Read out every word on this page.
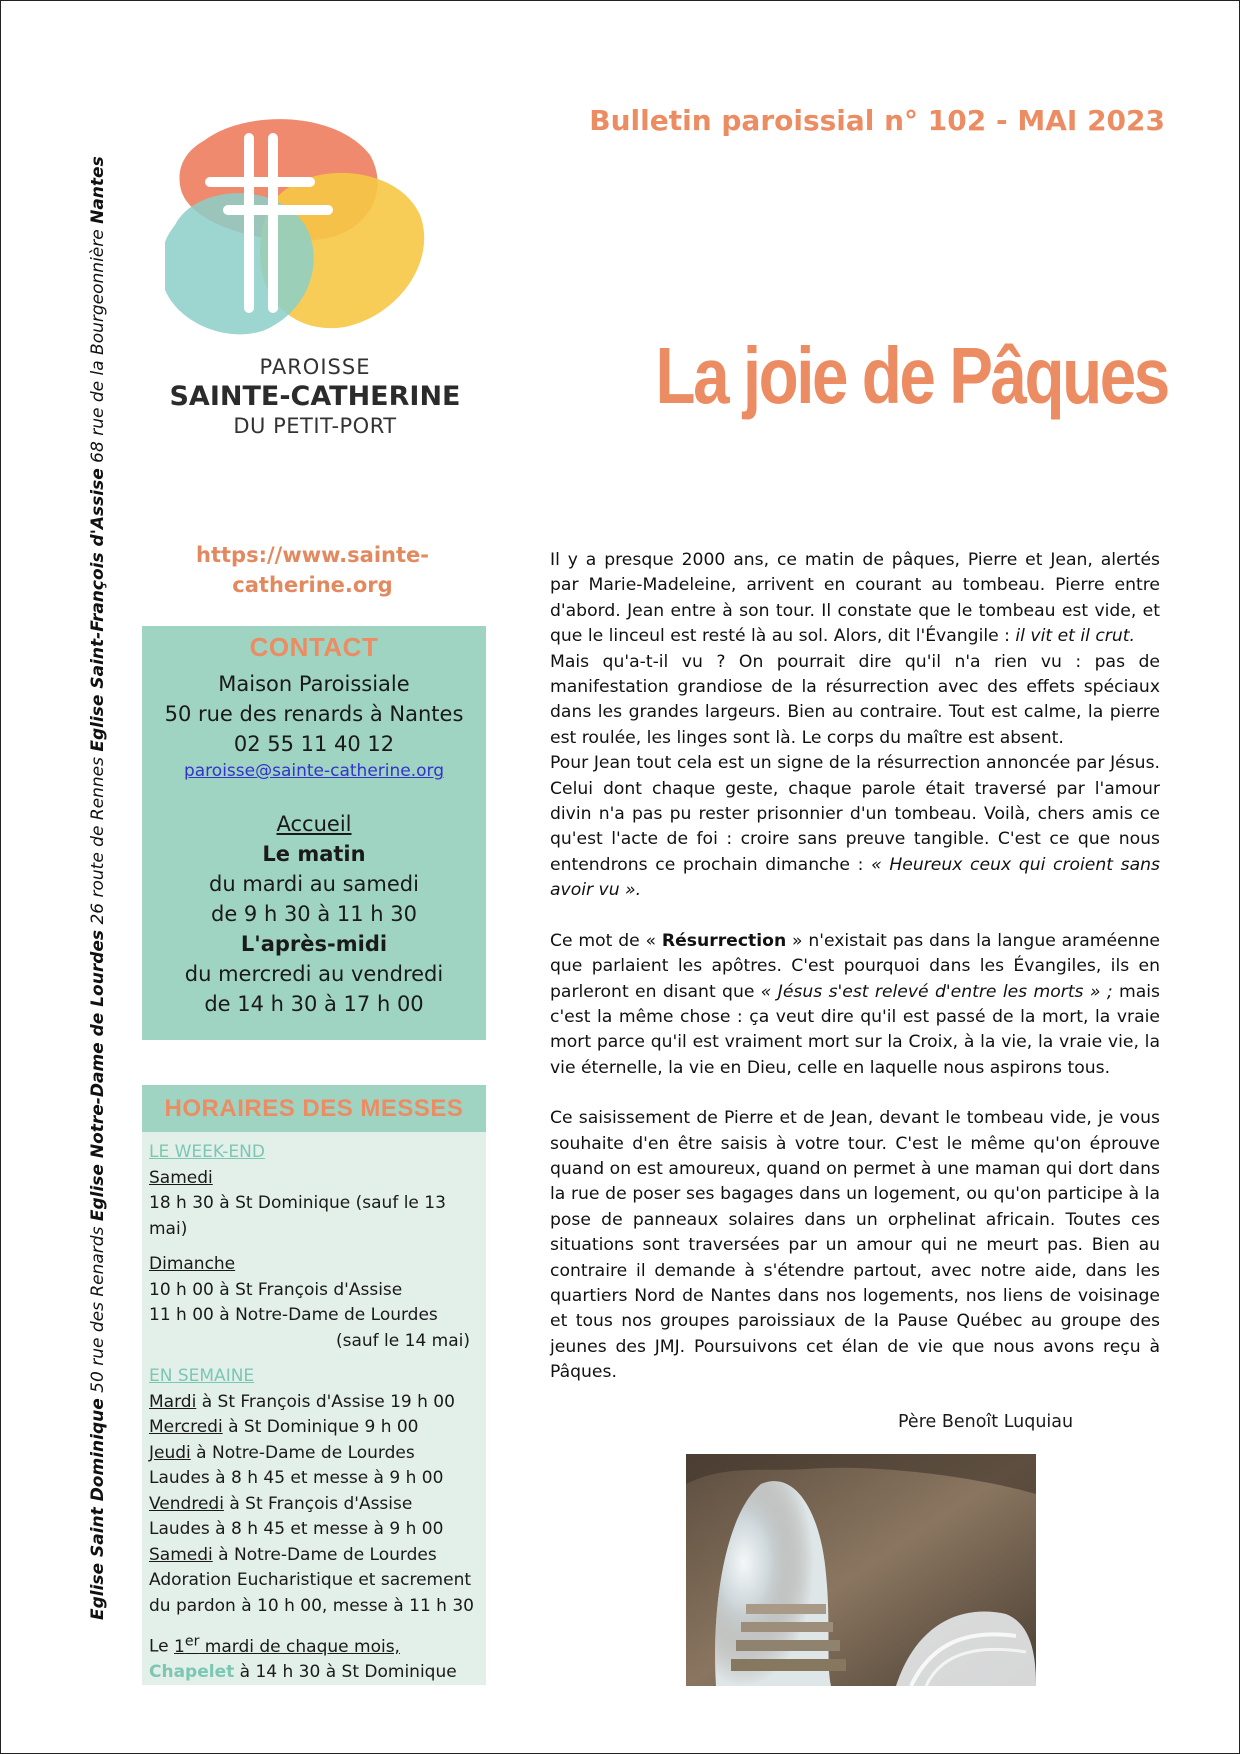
Eglise Saint Dominique 50 rue des Renards Eglise Notre-Dame de Lourdes 26 route de Rennes Eglise Saint-François d'Assise 68 rue de la Bourgeonnière Nantes
PAROISSE
SAINTE-CATHERINE
DU PETIT-PORT
Bulletin paroissial n° 102 - MAI 2023
La joie de Pâques
https://www.sainte-
catherine.org
CONTACT
Maison Paroissiale
50 rue des renards à Nantes
02 55 11 40 12
paroisse@sainte-catherine.org
Accueil
Le matin
du mardi au samedi
de 9 h 30 à 11 h 30
L'après-midi
du mercredi au vendredi
de 14 h 30 à 17 h 00
HORAIRES DES MESSES
LE WEEK-END
Samedi
18 h 30 à St Dominique (sauf le 13 mai)
Dimanche
10 h 00 à St François d'Assise
11 h 00 à Notre-Dame de Lourdes
(sauf le 14 mai)
EN SEMAINE
Mardi à St François d'Assise 19 h 00
Mercredi à St Dominique 9 h 00
Jeudi à Notre-Dame de Lourdes
Laudes à 8 h 45 et messe à 9 h 00
Vendredi à St François d'Assise
Laudes à 8 h 45 et messe à 9 h 00
Samedi à Notre-Dame de Lourdes
Adoration Eucharistique et sacrement
du pardon à 10 h 00, messe à 11 h 30
Le 1er mardi de chaque mois,
Chapelet à 14 h 30 à St Dominique

Il y a presque 2000 ans, ce matin de pâques, Pierre et Jean, alertés par Marie-Madeleine, arrivent en courant au tombeau. Pierre entre d'abord. Jean entre à son tour. Il constate que le tombeau est vide, et que le linceul est resté là au sol. Alors, dit l'Évangile : il vit et il crut.
Mais qu'a-t-il vu ? On pourrait dire qu'il n'a rien vu : pas de manifestation grandiose de la résurrection avec des effets spéciaux dans les grandes largeurs. Bien au contraire. Tout est calme, la pierre est roulée, les linges sont là. Le corps du maître est absent.
Pour Jean tout cela est un signe de la résurrection annoncée par Jésus. Celui dont chaque geste, chaque parole était traversé par l'amour divin n'a pas pu rester prisonnier d'un tombeau. Voilà, chers amis ce qu'est l'acte de foi : croire sans preuve tangible. C'est ce que nous entendrons ce prochain dimanche : « Heureux ceux qui croient sans avoir vu ».

Ce mot de « Résurrection » n'existait pas dans la langue araméenne que parlaient les apôtres. C'est pourquoi dans les Évangiles, ils en parleront en disant que « Jésus s'est relevé d'entre les morts » ; mais c'est la même chose : ça veut dire qu'il est passé de la mort, la vraie mort parce qu'il est vraiment mort sur la Croix, à la vie, la vraie vie, la vie éternelle, la vie en Dieu, celle en laquelle nous aspirons tous.

Ce saisissement de Pierre et de Jean, devant le tombeau vide, je vous souhaite d'en être saisis à votre tour. C'est le même qu'on éprouve quand on est amoureux, quand on permet à une maman qui dort dans la rue de poser ses bagages dans un logement, ou qu'on participe à la pose de panneaux solaires dans un orphelinat africain. Toutes ces situations sont traversées par un amour qui ne meurt pas. Bien au contraire il demande à s'étendre partout, avec notre aide, dans les quartiers Nord de Nantes dans nos logements, nos liens de voisinage et tous nos groupes paroissiaux de la Pause Québec au groupe des jeunes des JMJ. Poursuivons cet élan de vie que nous avons reçu à Pâques.

Père Benoît Luquiau
